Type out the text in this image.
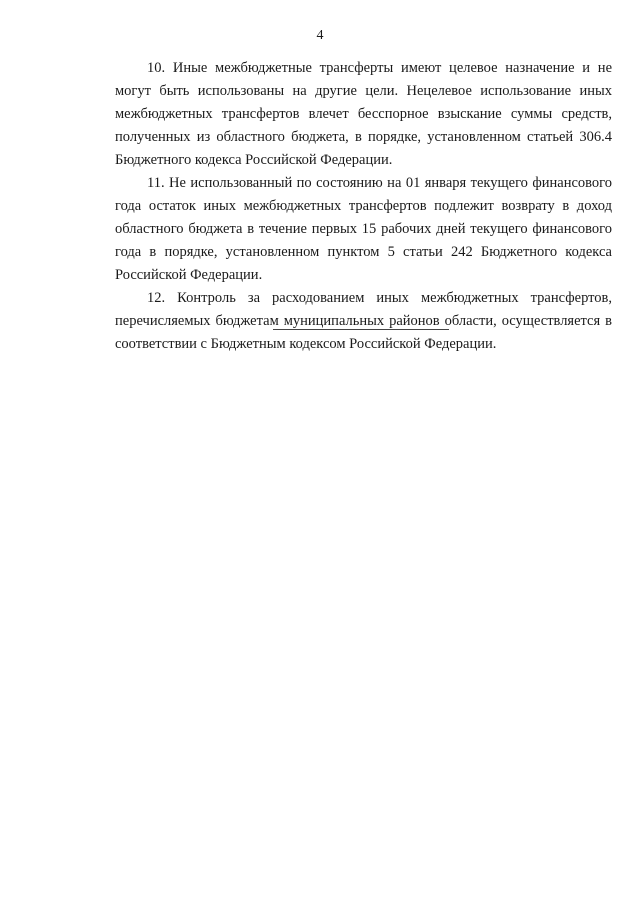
4

10. Иные межбюджетные трансферты имеют целевое назначение и не могут быть использованы на другие цели. Нецелевое использование иных межбюджетных трансфертов влечет бесспорное взыскание суммы средств, полученных из областного бюджета, в порядке, установленном статьей 306.4 Бюджетного кодекса Российской Федерации.

11. Не использованный по состоянию на 01 января текущего финансового года остаток иных межбюджетных трансфертов подлежит возврату в доход областного бюджета в течение первых 15 рабочих дней текущего финансового года в порядке, установленном пунктом 5 статьи 242 Бюджетного кодекса Российской Федерации.

12. Контроль за расходованием иных межбюджетных трансфертов, перечисляемых бюджетам муниципальных районов области, осуществляется в соответствии с Бюджетным кодексом Российской Федерации.
